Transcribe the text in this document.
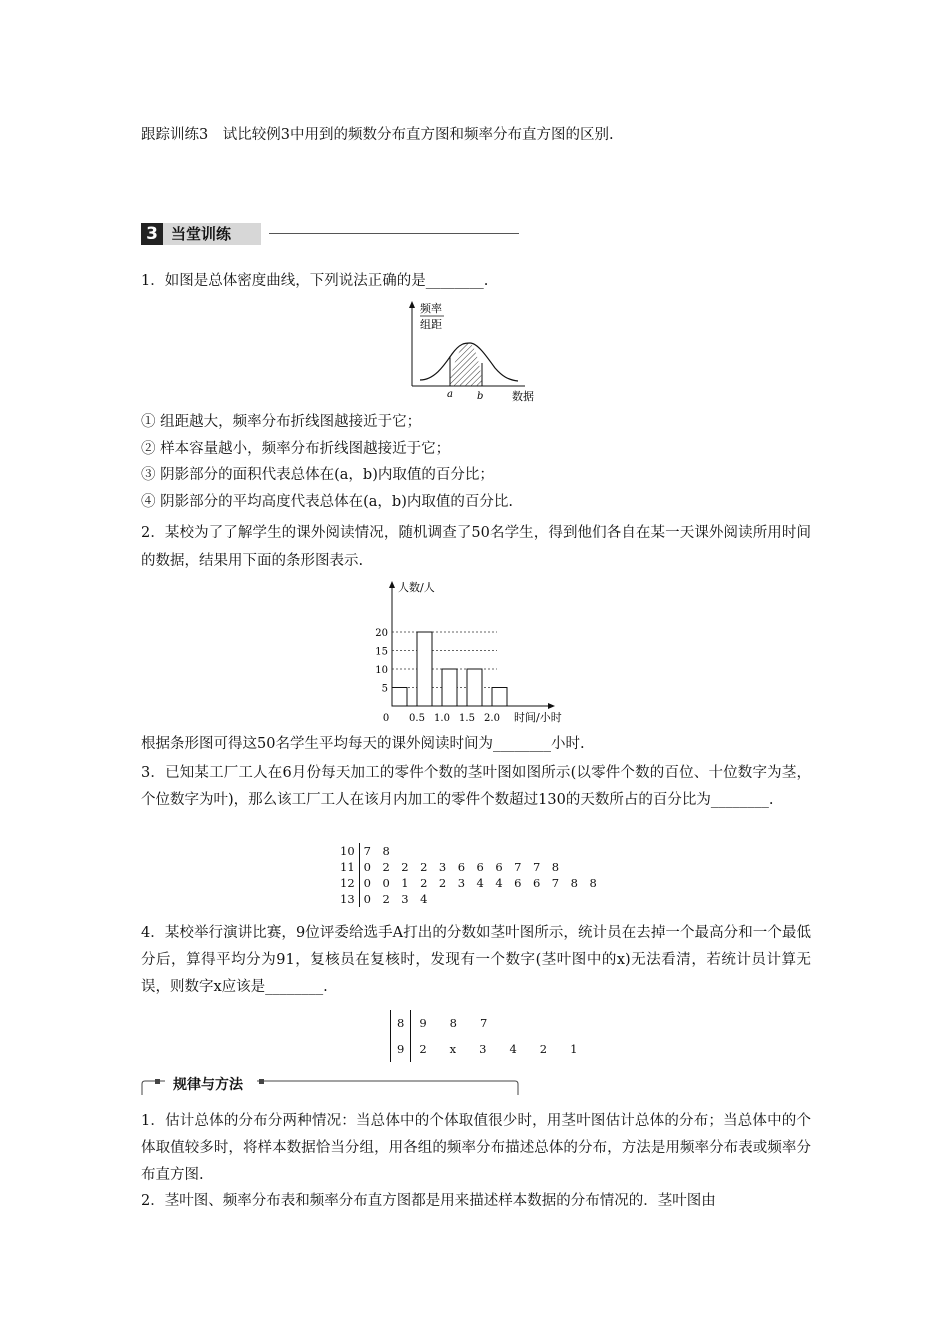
跟踪训练3　试比较例3中用到的频数分布直方图和频率分布直方图的区别.
3 当堂训练
1．如图是总体密度曲线，下列说法正确的是________.
频率
组距
a b	数据
① 组距越大，频率分布折线图越接近于它；
② 样本容量越小，频率分布折线图越接近于它；
③ 阴影部分的面积代表总体在(a，b)内取值的百分比；
④ 阴影部分的平均高度代表总体在(a，b)内取值的百分比.
2．某校为了了解学生的课外阅读情况，随机调查了50名学生，得到他们各自在某一天课外阅读所用时间的数据，结果用下面的条形图表示.
5
10
15
20
0 0.5 1.0 1.5 2.0
人数/人
时间/小时
根据条形图可得这50名学生平均每天的课外阅读时间为________小时.
3．已知某工厂工人在6月份每天加工的零件个数的茎叶图如图所示(以零件个数的百位、十位数字为茎，个位数字为叶)，那么该工厂工人在该月内加工的零件个数超过130的天数所占的百分比为________.
10	7　8
11	0　2　2　2　3　6　6　6　7　7　8
12	0　0　1　2　2　3　4　4　6　6　7　8　8
13	0　2　3　4
4．某校举行演讲比赛，9位评委给选手A打出的分数如茎叶图所示，统计员在去掉一个最高分和一个最低分后，算得平均分为91，复核员在复核时，发现有一个数字(茎叶图中的x)无法看清，若统计员计算无误，则数字x应该是________.
8	9　　8　　7
9	2　　x　　3　　4　　2　　1
规律与方法
1．估计总体的分布分两种情况：当总体中的个体取值很少时，用茎叶图估计总体的分布；当总体中的个体取值较多时，将样本数据恰当分组，用各组的频率分布描述总体的分布，方法是用频率分布表或频率分布直方图.
2．茎叶图、频率分布表和频率分布直方图都是用来描述样本数据的分布情况的．茎叶图由
